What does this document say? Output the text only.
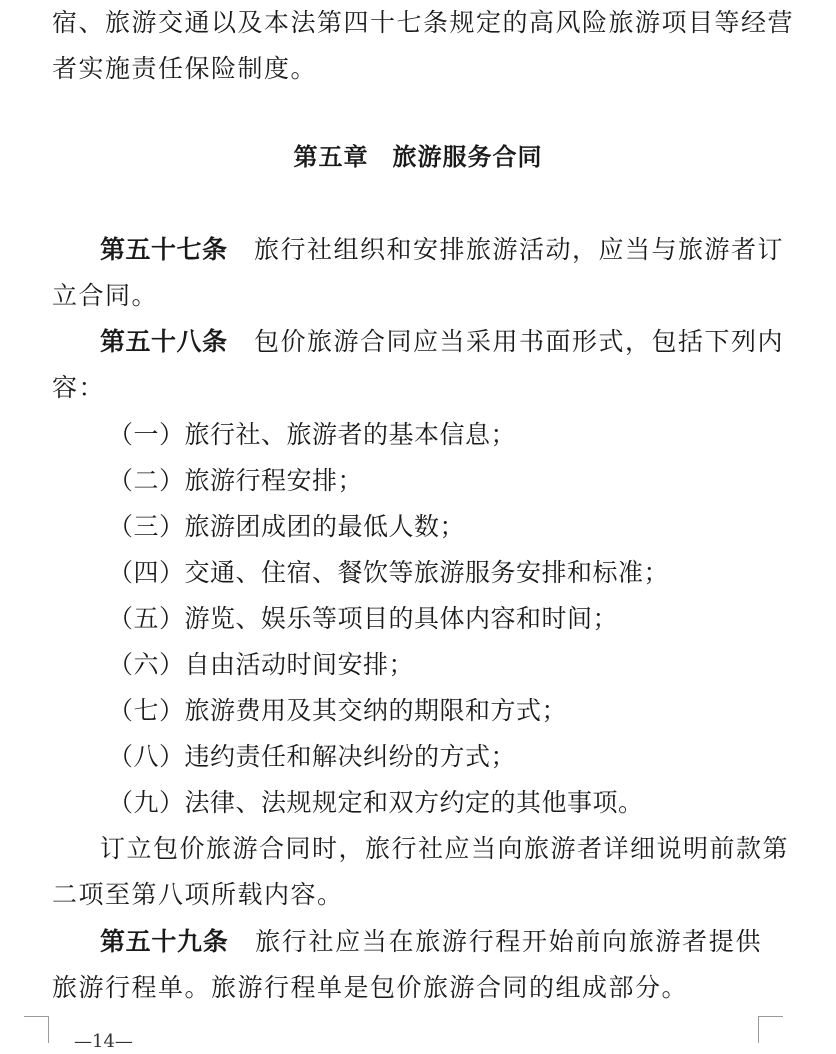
宿、旅游交通以及本法第四十七条规定的高风险旅游项目等经营
者实施责任保险制度。
第五章 旅游服务合同
第五十七条　 旅行社组织和安排旅游活动，应当与旅游者订
立合同。
第五十八条　 包价旅游合同应当采用书面形式，包括下列内
容：
（一）旅行社、旅游者的基本信息；
（二）旅游行程安排；
（三）旅游团成团的最低人数；
（四）交通、住宿、餐饮等旅游服务安排和标准；
（五）游览、娱乐等项目的具体内容和时间；
（六）自由活动时间安排；
（七）旅游费用及其交纳的期限和方式；
（八）违约责任和解决纠纷的方式；
（九）法律、法规规定和双方约定的其他事项。
订立包价旅游合同时，旅行社应当向旅游者详细说明前款第
二项至第八项所载内容。
第五十九条　 旅行社应当在旅游行程开始前向旅游者提供
旅游行程单。旅游行程单是包价旅游合同的组成部分。
—14—
